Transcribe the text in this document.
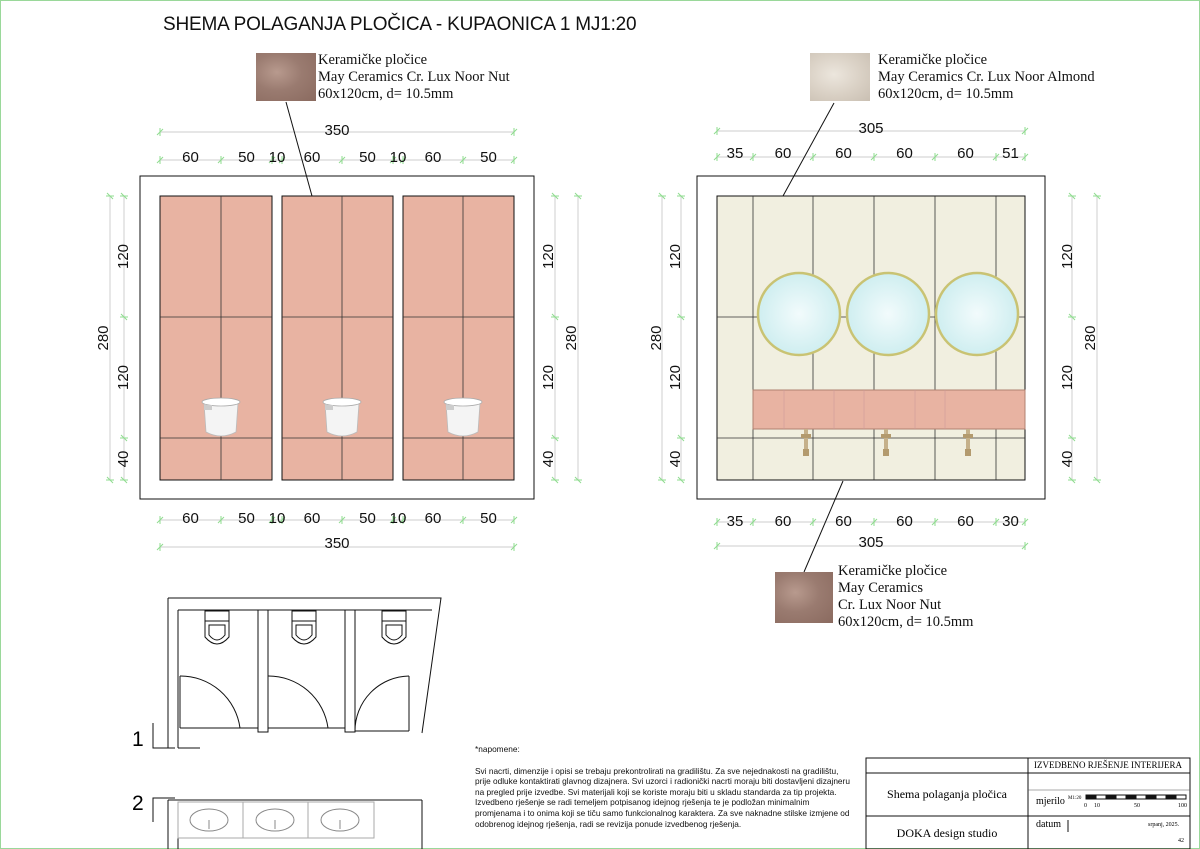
350
60	50 10 60	50 10 60	50
60	50 10 60	50 10 60	50
350
280
120
120
40
120
120
40
280
305
35 60	60	60	60 51
35 60	60	60	60 30
305
280
120
120
40
120
120
40
280
SHEMA POLAGANJA PLOČICA - KUPAONICA 1 MJ1:20
Keramičke pločice
May Ceramics Cr. Lux Noor Nut
60x120cm, d= 10.5mm
Keramičke pločice
May Ceramics Cr. Lux Noor Almond
60x120cm, d= 10.5mm
Keramičke pločice
May Ceramics
Cr. Lux Noor Nut
60x120cm, d= 10.5mm
1
2

*napomene:

Svi nacrti, dimenzije i opisi se trebaju prekontrolirati na gradilištu. Za sve nejednakosti na gradilištu,

prije odluke kontaktirati glavnog dizajnera. Svi uzorci i radionički nacrti moraju biti dostavljeni dizajneru

na pregled prije izvedbe. Svi materijali koji se koriste moraju biti u skladu standarda za tip projekta.

Izvedbeno rješenje se radi temeljem potpisanog idejnog rješenja te je podložan minimalnim

promjenama i to onima koji se tiču samo funkcionalnog karaktera. Za sve naknadne stilske izmjene od

odobrenog idejnog rješenja, radi se revizija ponude izvedbenog rješenja.

IZVEDBENO RJEŠENJE INTERIJERA
Shema polaganja pločica
DOKA design studio
mjerilo M1:20
0 10	50	100
datum	srpanj, 2025.
42
